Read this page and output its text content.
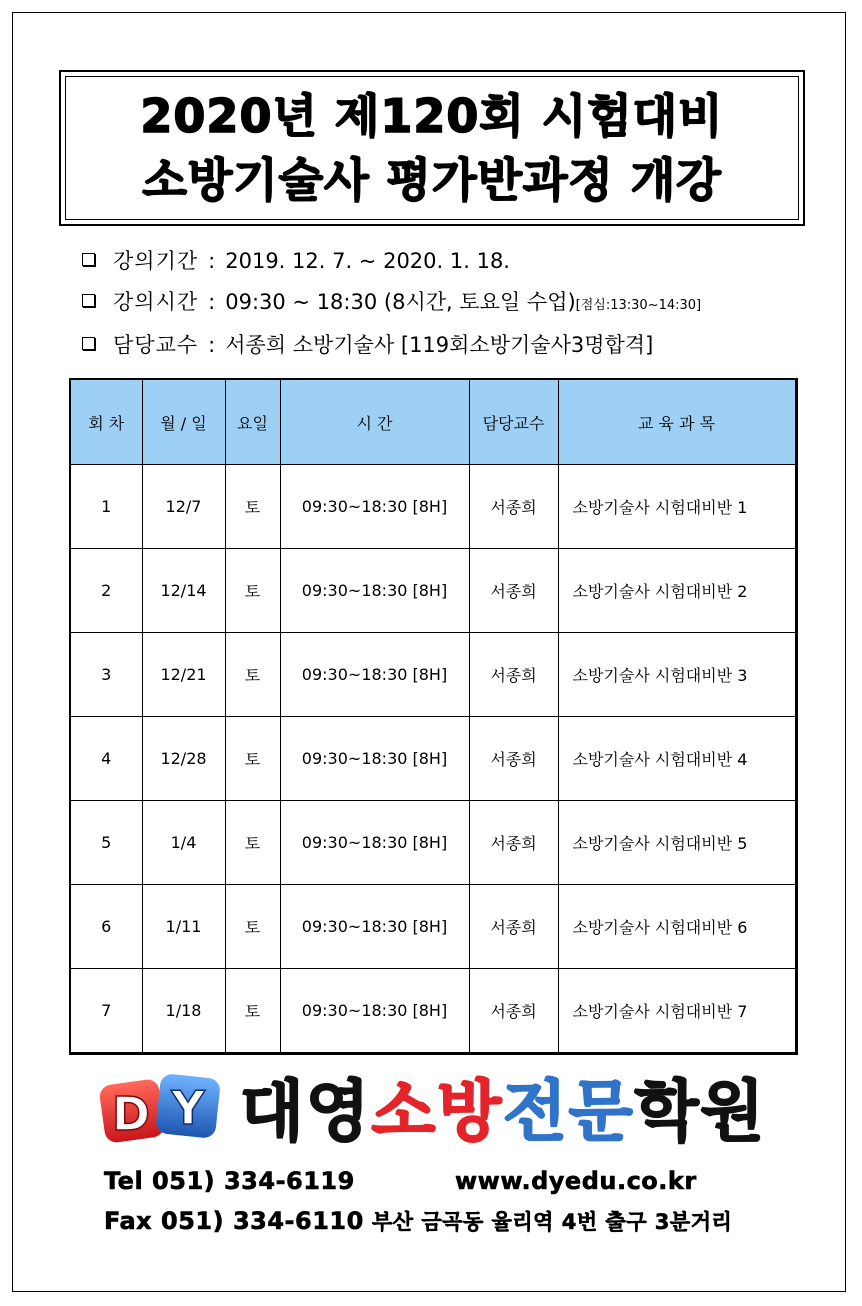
2020년 제120회 시험대비
소방기술사 평가반과정 개강
강의기간 : 2019. 12. 7. ~ 2020. 1. 18.
강의시간 : 09:30 ~ 18:30 (8시간, 토요일 수업) [점심:13:30~14:30]
담당교수 : 서종희 소방기술사 [119회소방기술사3명합격]
회 차	월 / 일	요일	시 간	담당교수	교 육 과 목
1	12/7	토	09:30~18:30 [8H]	서종희	소방기술사 시험대비반 1
2	12/14	토	09:30~18:30 [8H]	서종희	소방기술사 시험대비반 2
3	12/21	토	09:30~18:30 [8H]	서종희	소방기술사 시험대비반 3
4	12/28	토	09:30~18:30 [8H]	서종희	소방기술사 시험대비반 4
5	1/4	토	09:30~18:30 [8H]	서종희	소방기술사 시험대비반 5
6	1/11	토	09:30~18:30 [8H]	서종희	소방기술사 시험대비반 6
7	1/18	토	09:30~18:30 [8H]	서종희	소방기술사 시험대비반 7
D Y 대영소방전문학원
Tel 051) 334-6119	www.dyedu.co.kr
Fax 051) 334-6110 부산 금곡동 율리역 4번 출구 3분거리
